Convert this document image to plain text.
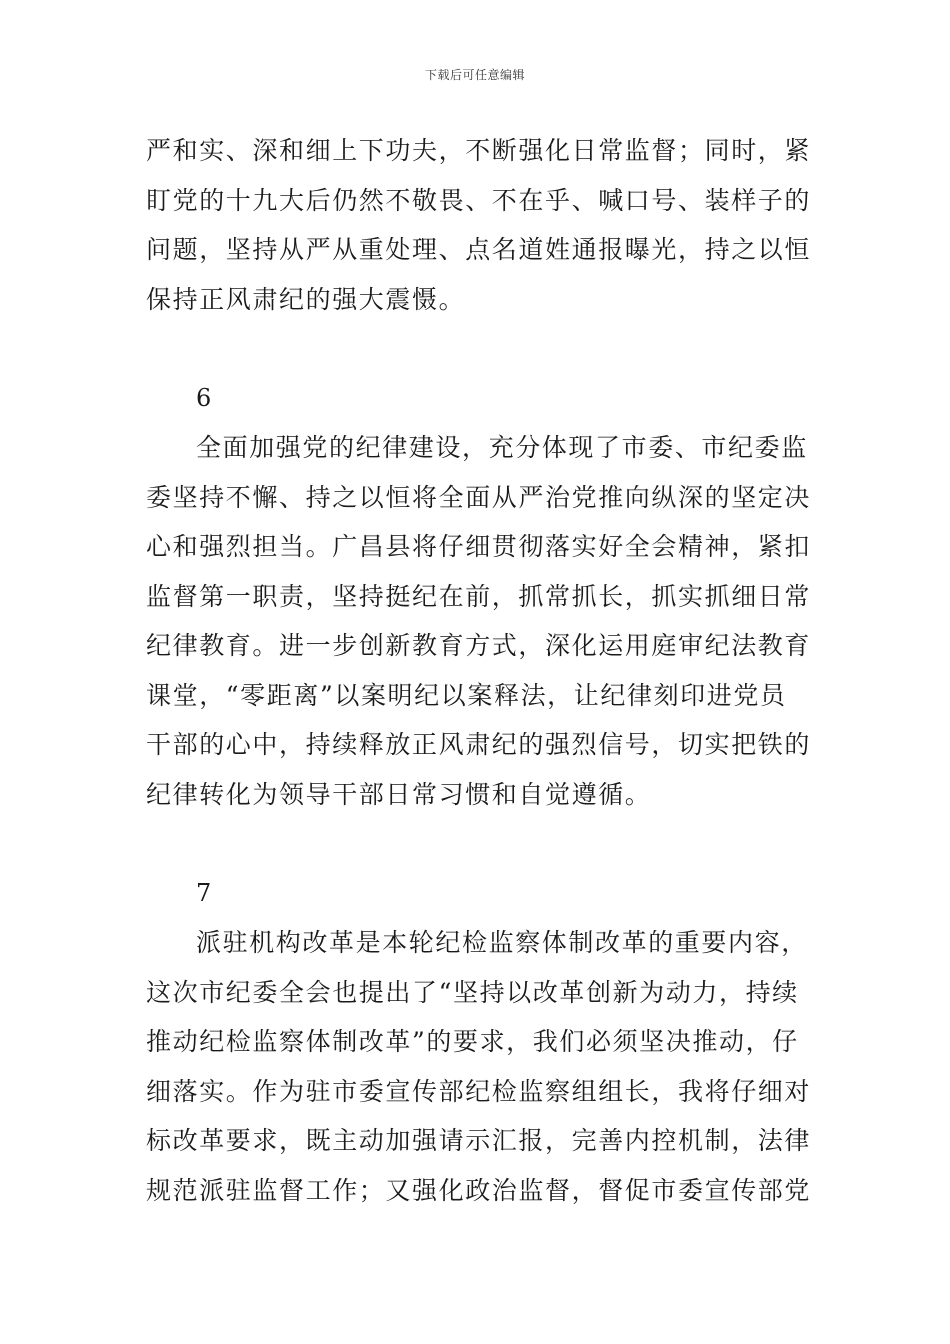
下载后可任意编辑
严和实、深和细上下功夫，不断强化日常监督；同时，紧
盯党的十九大后仍然不敬畏、不在乎、喊口号、装样子的
问题，坚持从严从重处理、点名道姓通报曝光，持之以恒
保持正风肃纪的强大震慑。
6
全面加强党的纪律建设，充分体现了市委、市纪委监
委坚持不懈、持之以恒将全面从严治党推向纵深的坚定决
心和强烈担当。广昌县将仔细贯彻落实好全会精神，紧扣
监督第一职责，坚持挺纪在前，抓常抓长，抓实抓细日常
纪律教育。进一步创新教育方式，深化运用庭审纪法教育
课堂，“零距离”以案明纪以案释法，让纪律刻印进党员
干部的心中，持续释放正风肃纪的强烈信号，切实把铁的
纪律转化为领导干部日常习惯和自觉遵循。
7
派驻机构改革是本轮纪检监察体制改革的重要内容，
这次市纪委全会也提出了“坚持以改革创新为动力，持续
推动纪检监察体制改革”的要求，我们必须坚决推动，仔
细落实。作为驻市委宣传部纪检监察组组长，我将仔细对
标改革要求，既主动加强请示汇报，完善内控机制，法律
规范派驻监督工作；又强化政治监督，督促市委宣传部党
